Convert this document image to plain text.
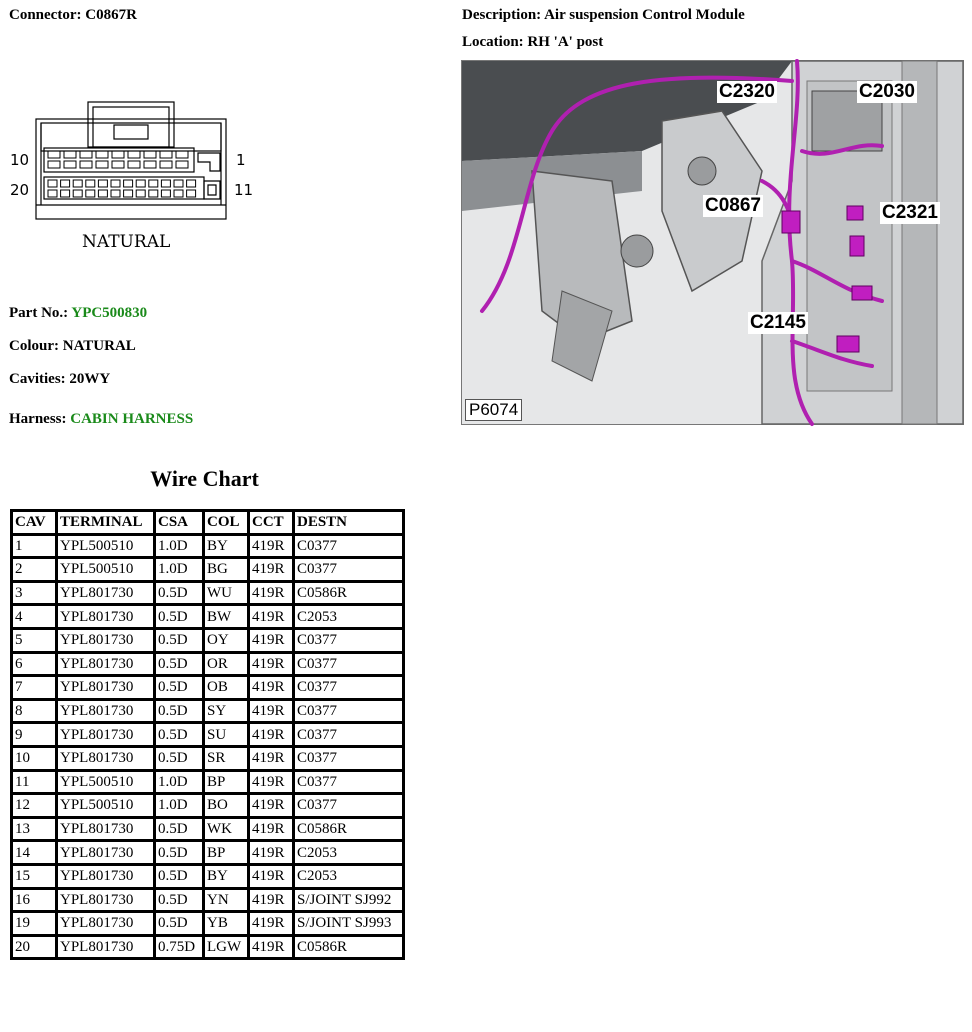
Connector: C0867R	Description: Air suspension Control Module
Location: RH 'A' post
10	1
20	11
NATURAL
Part No.: YPC500830
Colour: NATURAL
Cavities: 20WY
Harness: CABIN HARNESS
C2320	C2030
C0867	C2321
C2145
P6074
Wire Chart
CAV	TERMINAL	CSA	COL	CCT	DESTN
1	YPL500510	1.0D	BY	419R	C0377
2	YPL500510	1.0D	BG	419R	C0377
3	YPL801730	0.5D	WU	419R	C0586R
4	YPL801730	0.5D	BW	419R	C2053
5	YPL801730	0.5D	OY	419R	C0377
6	YPL801730	0.5D	OR	419R	C0377
7	YPL801730	0.5D	OB	419R	C0377
8	YPL801730	0.5D	SY	419R	C0377
9	YPL801730	0.5D	SU	419R	C0377
10	YPL801730	0.5D	SR	419R	C0377
11	YPL500510	1.0D	BP	419R	C0377
12	YPL500510	1.0D	BO	419R	C0377
13	YPL801730	0.5D	WK	419R	C0586R
14	YPL801730	0.5D	BP	419R	C2053
15	YPL801730	0.5D	BY	419R	C2053
16	YPL801730	0.5D	YN	419R	S/JOINT SJ992
19	YPL801730	0.5D	YB	419R	S/JOINT SJ993
20	YPL801730	0.75D	LGW	419R	C0586R
